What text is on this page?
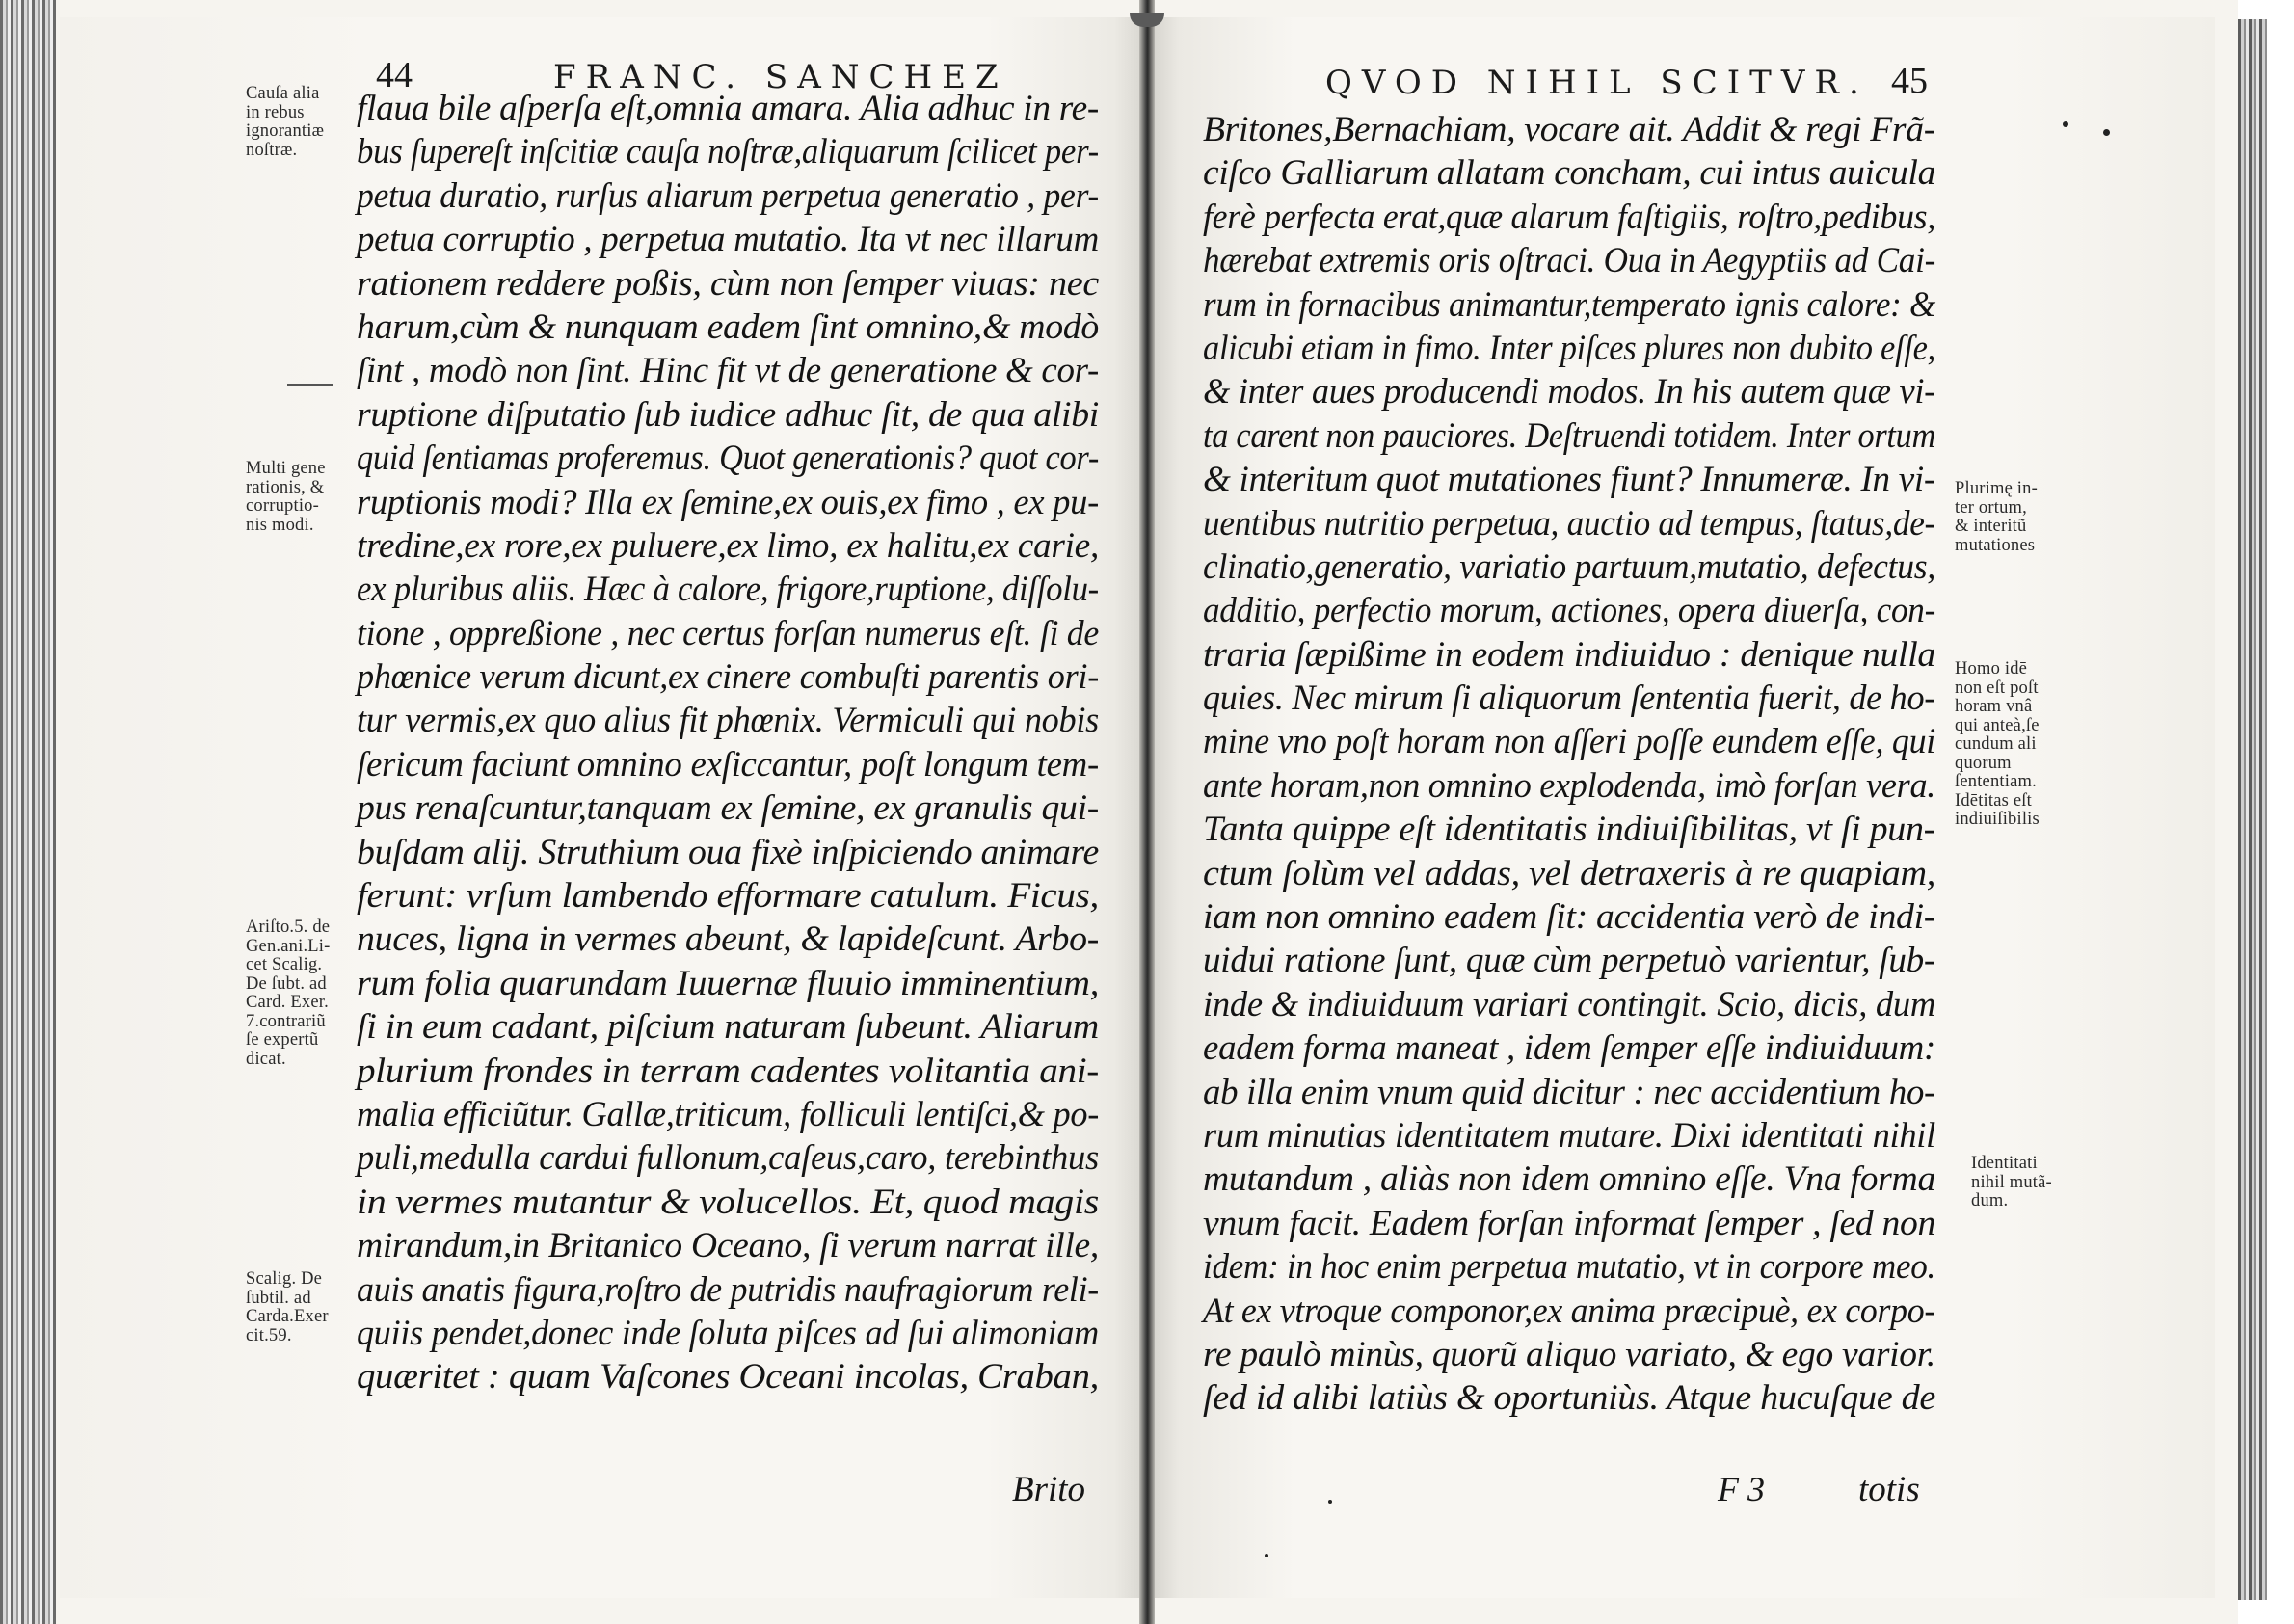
44	FRANC. SANCHEZ
flaua bile aſperſa eſt,omnia amara. Alia adhuc in re-
bus ſupereſt inſcitiæ cauſa noſtræ,aliquarum ſcilicet per-
petua duratio, rurſus aliarum perpetua generatio , per-
petua corruptio , perpetua mutatio. Ita vt nec illarum
rationem reddere poßis, cùm non ſemper viuas: nec
harum,cùm & nunquam eadem ſint omnino,& modò
ſint , modò non ſint. Hinc fit vt de generatione & cor-
ruptione diſputatio ſub iudice adhuc ſit, de qua alibi
quid ſentiamas proferemus. Quot generationis? quot cor-
ruptionis modi? Illa ex ſemine,ex ouis,ex fimo , ex pu-
tredine,ex rore,ex puluere,ex limo, ex halitu,ex carie,
ex pluribus aliis. Hæc à calore, frigore,ruptione, diſſolu-
tione , oppreßione , nec certus forſan numerus eſt. ſi de
phœnice verum dicunt,ex cinere combuſti parentis ori-
tur vermis,ex quo alius fit phœnix. Vermiculi qui nobis
ſericum faciunt omnino exſiccantur, poſt longum tem-
pus renaſcuntur,tanquam ex ſemine, ex granulis qui-
buſdam alij. Struthium oua fixè inſpiciendo animare
ferunt: vrſum lambendo efformare catulum. Ficus,
nuces, ligna in vermes abeunt, & lapideſcunt. Arbo-
rum folia quarundam Iuuernæ fluuio imminentium,
ſi in eum cadant, piſcium naturam ſubeunt. Aliarum
plurium frondes in terram cadentes volitantia ani-
malia efficiũtur. Gallæ,triticum, folliculi lentiſci,& po-
puli,medulla cardui fullonum,caſeus,caro, terebinthus
in vermes mutantur & volucellos. Et, quod magis
mirandum,in Britanico Oceano, ſi verum narrat ille,
auis anatis figura,roſtro de putridis naufragiorum reli-
quiis pendet,donec inde ſoluta piſces ad ſui alimoniam
quæritet : quam Vaſcones Oceani incolas, Craban,
Cauſa alia
in rebus
ignorantiæ
noſtræ.
Multi gene
rationis, &
corruptio-
nis modi.
Ariſto.5. de
Gen.ani.Li-
cet Scalig.
De ſubt. ad
Card. Exer.
7.contrariũ
ſe expertũ
dicat.
Scalig. De
ſubtil. ad
Carda.Exer
cit.59.
Brito
QVOD NIHIL SCITVR. 45
Britones,Bernachiam, vocare ait. Addit & regi Frã-
ciſco Galliarum allatam concham, cui intus auicula
ferè perfecta erat,quæ alarum faſtigiis, roſtro,pedibus,
hærebat extremis oris oſtraci. Oua in Aegyptiis ad Cai-
rum in fornacibus animantur,temperato ignis calore: &
alicubi etiam in fimo. Inter piſces plures non dubito eſſe,
& inter aues producendi modos. In his autem quæ vi-
ta carent non pauciores. Deſtruendi totidem. Inter ortum
& interitum quot mutationes fiunt? Innumeræ. In vi-
uentibus nutritio perpetua, auctio ad tempus, ſtatus,de-
clinatio,generatio, variatio partuum,mutatio, defectus,
additio, perfectio morum, actiones, opera diuerſa, con-
traria ſæpißime in eodem indiuiduo : denique nulla
quies. Nec mirum ſi aliquorum ſententia fuerit, de ho-
mine vno poſt horam non aſſeri poſſe eundem eſſe, qui
ante horam,non omnino explodenda, imò forſan vera.
Tanta quippe eſt identitatis indiuiſibilitas, vt ſi pun-
ctum ſolùm vel addas, vel detraxeris à re quapiam,
iam non omnino eadem ſit: accidentia verò de indi-
uidui ratione ſunt, quæ cùm perpetuò varientur, ſub-
inde & indiuiduum variari contingit. Scio, dicis, dum
eadem forma maneat , idem ſemper eſſe indiuiduum:
ab illa enim vnum quid dicitur : nec accidentium ho-
rum minutias identitatem mutare. Dixi identitati nihil
mutandum , aliàs non idem omnino eſſe. Vna forma
vnum facit. Eadem forſan informat ſemper , ſed non
idem: in hoc enim perpetua mutatio, vt in corpore meo.
At ex vtroque componor,ex anima præcipuè, ex corpo-
re paulò minùs, quorũ aliquo variato, & ego varior.
ſed id alibi latiùs & oportuniùs. Atque hucuſque de
Plurimę in-
ter ortum,
& interitũ
mutationes
Homo idē
non eſt poſt
horam vnâ
qui anteà,ſe
cundum ali
quorum
ſententiam.
Idētitas eſt
indiuiſibilis
Identitati
nihil mutã-
dum.
F 3	totis
